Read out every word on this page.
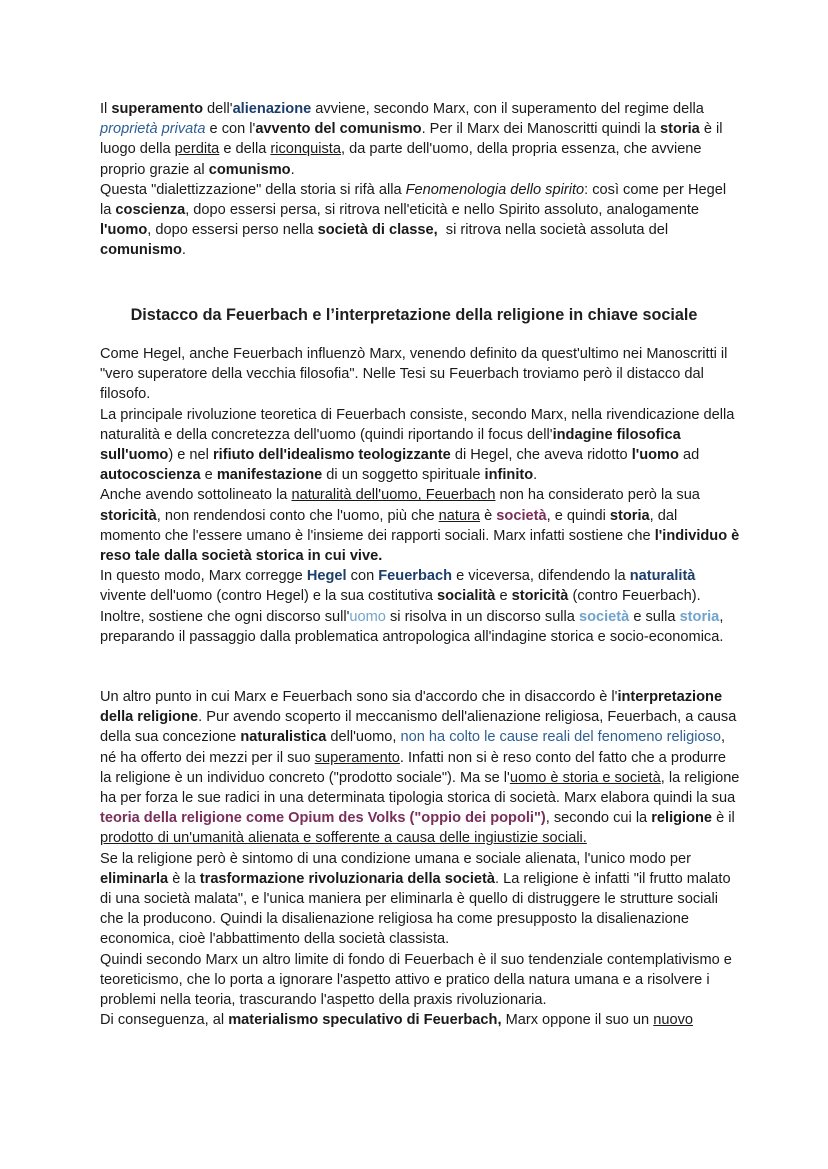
Il superamento dell'alienazione avviene, secondo Marx, con il superamento del regime della proprietà privata e con l'avvento del comunismo. Per il Marx dei Manoscritti quindi la storia è il luogo della perdita e della riconquista, da parte dell'uomo, della propria essenza, che avviene proprio grazie al comunismo.
Questa "dialettizzazione" della storia si rifà alla Fenomenologia dello spirito: così come per Hegel la coscienza, dopo essersi persa, si ritrova nell'eticità e nello Spirito assoluto, analogamente l'uomo, dopo essersi perso nella società di classe,  si ritrova nella società assoluta del comunismo.

Distacco da Feuerbach e l’interpretazione della religione in chiave sociale

Come Hegel, anche Feuerbach influenzò Marx, venendo definito da quest'ultimo nei Manoscritti il "vero superatore della vecchia filosofia". Nelle Tesi su Feuerbach troviamo però il distacco dal filosofo.
La principale rivoluzione teoretica di Feuerbach consiste, secondo Marx, nella rivendicazione della naturalità e della concretezza dell'uomo (quindi riportando il focus dell'indagine filosofica sull'uomo) e nel rifiuto dell'idealismo teologizzante di Hegel, che aveva ridotto l'uomo ad autocoscienza e manifestazione di un soggetto spirituale infinito.
Anche avendo sottolineato la naturalità dell'uomo, Feuerbach non ha considerato però la sua storicità, non rendendosi conto che l'uomo, più che natura è società, e quindi storia, dal momento che l'essere umano è l'insieme dei rapporti sociali. Marx infatti sostiene che l'individuo è reso tale dalla società storica in cui vive.
In questo modo, Marx corregge Hegel con Feuerbach e viceversa, difendendo la naturalità vivente dell'uomo (contro Hegel) e la sua costitutiva socialità e storicità (contro Feuerbach).
Inoltre, sostiene che ogni discorso sull'uomo si risolva in un discorso sulla società e sulla storia, preparando il passaggio dalla problematica antropologica all'indagine storica e socio-economica.

Un altro punto in cui Marx e Feuerbach sono sia d'accordo che in disaccordo è l'interpretazione della religione. Pur avendo scoperto il meccanismo dell'alienazione religiosa, Feuerbach, a causa della sua concezione naturalistica dell'uomo, non ha colto le cause reali del fenomeno religioso, né ha offerto dei mezzi per il suo superamento. Infatti non si è reso conto del fatto che a produrre la religione è un individuo concreto ("prodotto sociale"). Ma se l'uomo è storia e società, la religione ha per forza le sue radici in una determinata tipologia storica di società. Marx elabora quindi la sua teoria della religione come Opium des Volks ("oppio dei popoli"), secondo cui la religione è il prodotto di un'umanità alienata e sofferente a causa delle ingiustizie sociali.
Se la religione però è sintomo di una condizione umana e sociale alienata, l'unico modo per eliminarla è la trasformazione rivoluzionaria della società. La religione è infatti "il frutto malato di una società malata", e l'unica maniera per eliminarla è quello di distruggere le strutture sociali che la producono. Quindi la disalienazione religiosa ha come presupposto la disalienazione economica, cioè l'abbattimento della società classista.
Quindi secondo Marx un altro limite di fondo di Feuerbach è il suo tendenziale contemplativismo e teoreticismo, che lo porta a ignorare l'aspetto attivo e pratico della natura umana e a risolvere i problemi nella teoria, trascurando l'aspetto della praxis rivoluzionaria.
Di conseguenza, al materialismo speculativo di Feuerbach, Marx oppone il suo un nuovo
